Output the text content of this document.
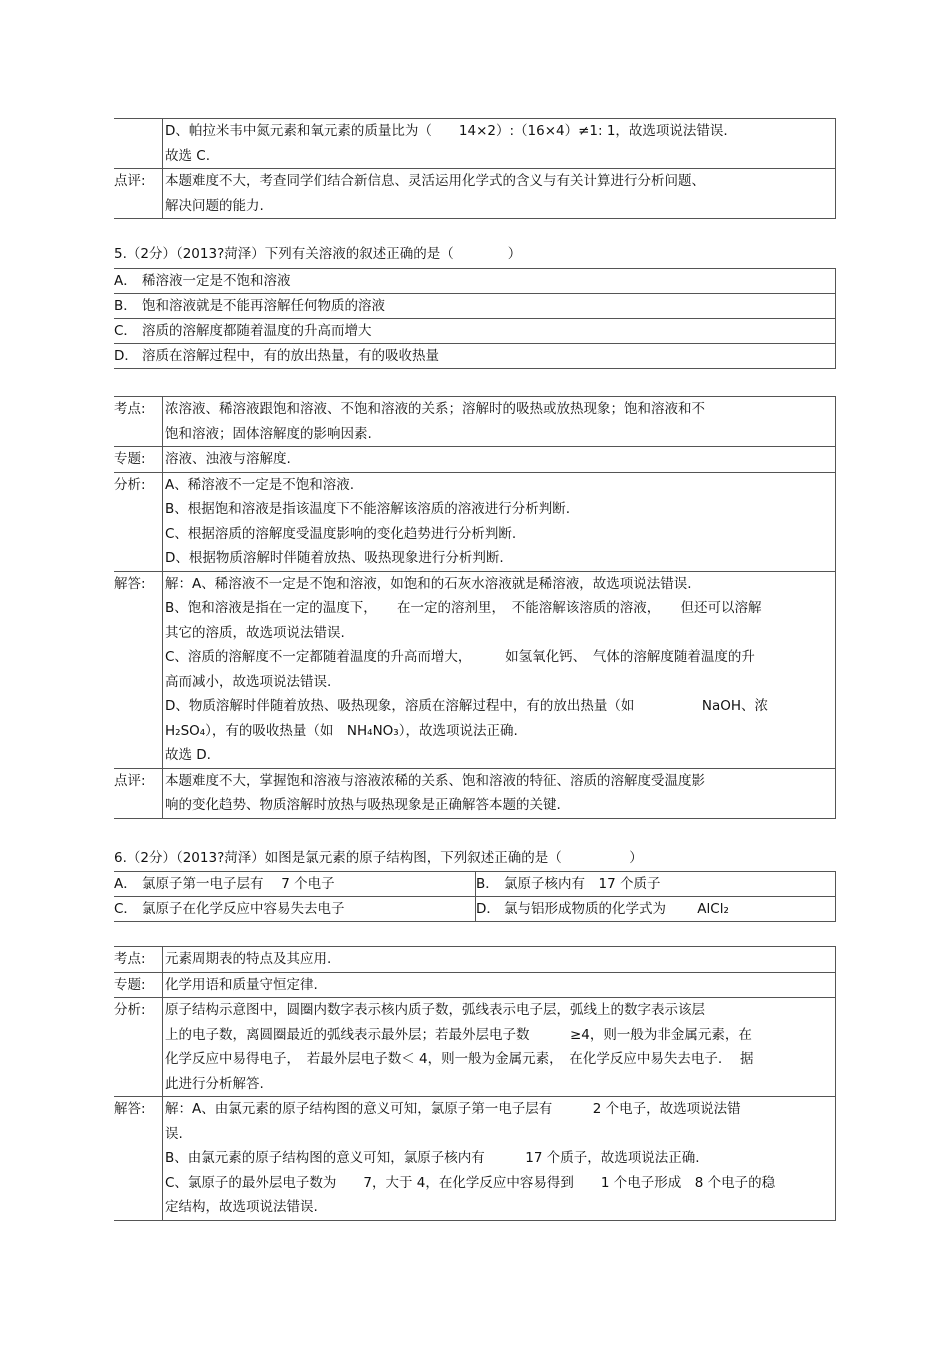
D、帕拉米韦中氮元素和氧元素的质量比为（　　14×2）:（16×4）≠1: 1，故选项说法错误.
故选 C.
点评:	本题难度不大，考查同学们结合新信息、灵活运用化学式的含义与有关计算进行分析问题、
解决问题的能力.
5.（2分）（2013?菏泽）下列有关溶液的叙述正确的是（　　　　）
A． 稀溶液一定是不饱和溶液
B． 饱和溶液就是不能再溶解任何物质的溶液
C． 溶质的溶解度都随着温度的升高而增大
D． 溶质在溶解过程中，有的放出热量，有的吸收热量
考点:	浓溶液、稀溶液跟饱和溶液、不饱和溶液的关系；溶解时的吸热或放热现象；饱和溶液和不
饱和溶液；固体溶解度的影响因素.
专题:	溶液、浊液与溶解度.
分析:	A、稀溶液不一定是不饱和溶液.
B、根据饱和溶液是指该温度下不能溶解该溶质的溶液进行分析判断.
C、根据溶质的溶解度受温度影响的变化趋势进行分析判断.
D、根据物质溶解时伴随着放热、吸热现象进行分析判断.
解答:	解：A、稀溶液不一定是不饱和溶液，如饱和的石灰水溶液就是稀溶液，故选项说法错误.
B、饱和溶液是指在一定的温度下，　　在一定的溶剂里，　不能溶解该溶质的溶液，　　但还可以溶解
其它的溶质，故选项说法错误.
C、溶质的溶解度不一定都随着温度的升高而增大，　　　如氢氧化钙、　气体的溶解度随着温度的升
高而减小，故选项说法错误.
D、物质溶解时伴随着放热、吸热现象，溶质在溶解过程中，有的放出热量（如　　　　　NaOH、浓
H₂SO₄），有的吸收热量（如　NH₄NO₃），故选项说法正确.
故选 D.
点评:	本题难度不大，掌握饱和溶液与溶液浓稀的关系、饱和溶液的特征、溶质的溶解度受温度影
响的变化趋势、物质溶解时放热与吸热现象是正确解答本题的关键.
6.（2分）（2013?菏泽）如图是氯元素的原子结构图，下列叙述正确的是（　　　　　）
A． 氯原子第一电子层有　 7 个电子	B． 氯原子核内有　17 个质子
C． 氯原子在化学反应中容易失去电子	D． 氯与铝形成物质的化学式为　　 AlCl₂
考点:	元素周期表的特点及其应用.
专题:	化学用语和质量守恒定律.
分析:	原子结构示意图中，圆圈内数字表示核内质子数，弧线表示电子层，弧线上的数字表示该层
上的电子数，离圆圈最近的弧线表示最外层；若最外层电子数　　　≥4，则一般为非金属元素，在
化学反应中易得电子，　若最外层电子数＜ 4，则一般为金属元素，　在化学反应中易失去电子.　 据
此进行分析解答.
解答:	解：A、由氯元素的原子结构图的意义可知，氯原子第一电子层有　　　2 个电子，故选项说法错
误.
B、由氯元素的原子结构图的意义可知，氯原子核内有　　　17 个质子，故选项说法正确.
C、氯原子的最外层电子数为　　7，大于 4，在化学反应中容易得到　　1 个电子形成　8 个电子的稳
定结构，故选项说法错误.
